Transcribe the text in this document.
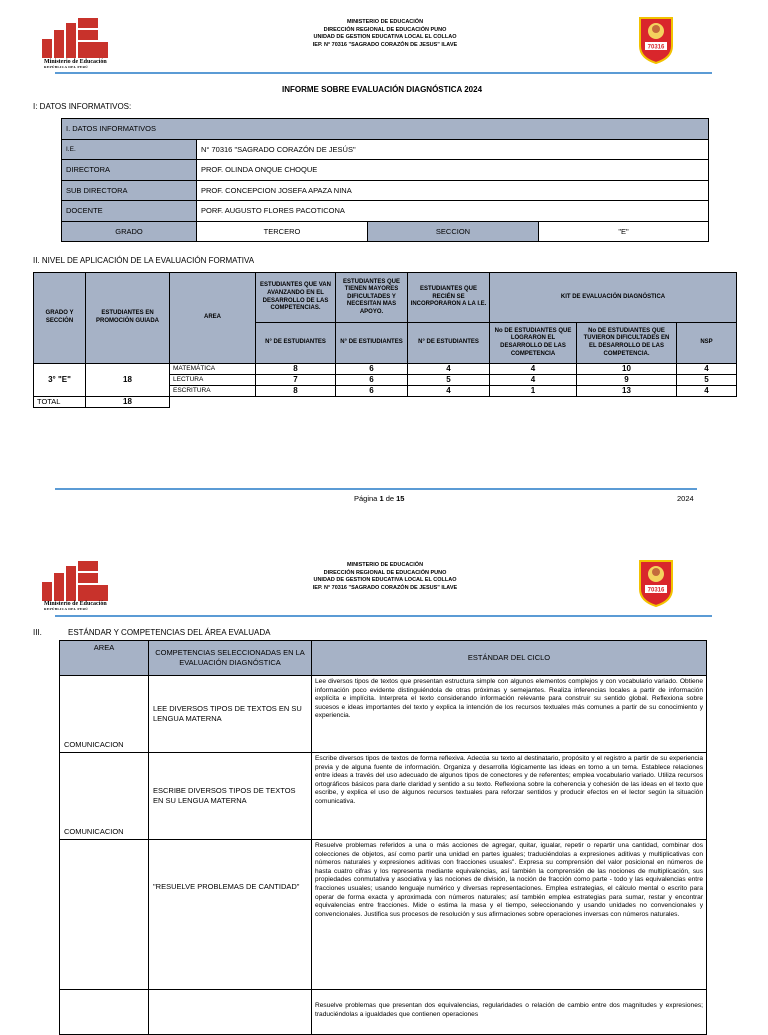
Ministerio de Educación
REPÚBLICA DEL PERÚ
MINISTERIO DE EDUCACIÓN
DIRECCIÓN REGIONAL DE EDUCACIÓN PUNO
UNIDAD DE GESTION EDUCATIVA LOCAL EL COLLAO
IEP. N° 70316 "SAGRADO CORAZÓN DE JESUS" ILAVE	70316
INFORME SOBRE EVALUACIÓN DIAGNÓSTICA 2024
I: DATOS INFORMATIVOS:
I. DATOS INFORMATIVOS			
I.E.	N° 70316 "SAGRADO CORAZÓN DE JESÚS"		
DIRECTORA	PROF. OLINDA ONQUE CHOQUE		
SUB DIRECTORA	PROF. CONCEPCION JOSEFA APAZA NINA		
DOCENTE	PORF. AUGUSTO FLORES PACOTICONA		
GRADO	TERCERO	SECCION	"E"
II. NIVEL DE APLICACIÓN DE LA EVALUACIÓN FORMATIVA
GRADO Y SECCIÓN	ESTUDIANTES EN PROMOCIÓN GUIADA	AREA	ESTUDIANTES QUE VAN AVANZANDO EN EL DESARROLLO DE LAS COMPETENCIAS.	ESTUDIANTES QUE TIENEN MAYORES DIFICULTADES Y NECESITAN MAS APOYO.	ESTUDIANTES QUE RECIÉN SE INCORPORARON A LA I.E.	KIT DE EVALUACIÓN DIAGNÓSTICA		
			N° DE ESTUDIANTES	N° DE ESTIUDIANTES	N° DE ESTUDIANTES	No DE ESTUDIANTES QUE LOGRARON EL DESARROLLO DE LAS COMPETENCIA	No DE ESTUDIANTES QUE TUVIERON DIFICULTADES EN EL DESARROLLO DE LAS COMPETENCIA.	NSP
3° "E"	18	MATEMÁTICA	8	6	4	4	10	4
		LECTURA	7	6	5	4	9	5
		ESCRITURA	8	6	4	1	13	4
TOTAL	18							
Página 1 de 15	2024
Ministerio de Educación
REPÚBLICA DEL PERÚ
MINISTERIO DE EDUCACIÓN
DIRECCIÓN REGIONAL DE EDUCACIÓN PUNO
UNIDAD DE GESTION EDUCATIVA LOCAL EL COLLAO
IEP. N° 70316 "SAGRADO CORAZÓN DE JESUS" ILAVE	70316
III.	ESTÁNDAR Y COMPETENCIAS DEL ÁREA EVALUADA
AREA	COMPETENCIAS SELECCIONADAS EN LA EVALUACIÓN DIAGNÓSTICA	ESTÁNDAR DEL CICLO
COMUNICACION	LEE DIVERSOS TIPOS DE TEXTOS EN SU LENGUA MATERNA	Lee diversos tipos de textos que presentan estructura simple con algunos elementos complejos y con vocabulario variado. Obtiene información poco evidente distinguiéndola de otras próximas y semejantes. Realiza inferencias locales a partir de información explícita e implícita. Interpreta el texto considerando información relevante para construir su sentido global. Reflexiona sobre sucesos e ideas importantes del texto y explica la intención de los recursos textuales más comunes a partir de su conocimiento y experiencia.
COMUNICACION	ESCRIBE DIVERSOS TIPOS DE TEXTOS EN SU LENGUA MATERNA	Escribe diversos tipos de textos de forma reflexiva. Adecúa su texto al destinatario, propósito y el registro a partir de su experiencia previa y de alguna fuente de información. Organiza y desarrolla lógicamente las ideas en torno a un tema. Establece relaciones entre ideas a través del uso adecuado de algunos tipos de conectores y de referentes; emplea vocabulario variado. Utiliza recursos ortográficos básicos para darle claridad y sentido a su texto. Reflexiona sobre la coherencia y cohesión de las ideas en el texto que escribe, y explica el uso de algunos recursos textuales para reforzar sentidos y producir efectos en el lector según la situación comunicativa.
	"RESUELVE PROBLEMAS DE CANTIDAD"	Resuelve problemas referidos a una o más acciones de agregar, quitar, igualar, repetir o repartir una cantidad, combinar dos colecciones de objetos, así como partir una unidad en partes iguales; traduciéndolas a expresiones aditivas y multiplicativas con números naturales y expresiones aditivas con fracciones usuales". Expresa su comprensión del valor posicional en números de hasta cuatro cifras y los representa mediante equivalencias, así también la comprensión de las nociones de multiplicación, sus propiedades conmutativa y asociativa y las nociones de división, la noción de fracción como parte - todo y las equivalencias entre fracciones usuales; usando lenguaje numérico y diversas representaciones. Emplea estrategias, el cálculo mental o escrito para operar de forma exacta y aproximada con números naturales; así también emplea estrategias para sumar, restar y encontrar equivalencias entre fracciones. Mide o estima la masa y el tiempo, seleccionando y usando unidades no convencionales y convencionales. Justifica sus procesos de resolución y sus afirmaciones sobre operaciones inversas con números naturales.
		Resuelve problemas que presentan dos equivalencias, regularidades o relación de cambio entre dos magnitudes y expresiones; traduciéndolas a igualdades que contienen operaciones
